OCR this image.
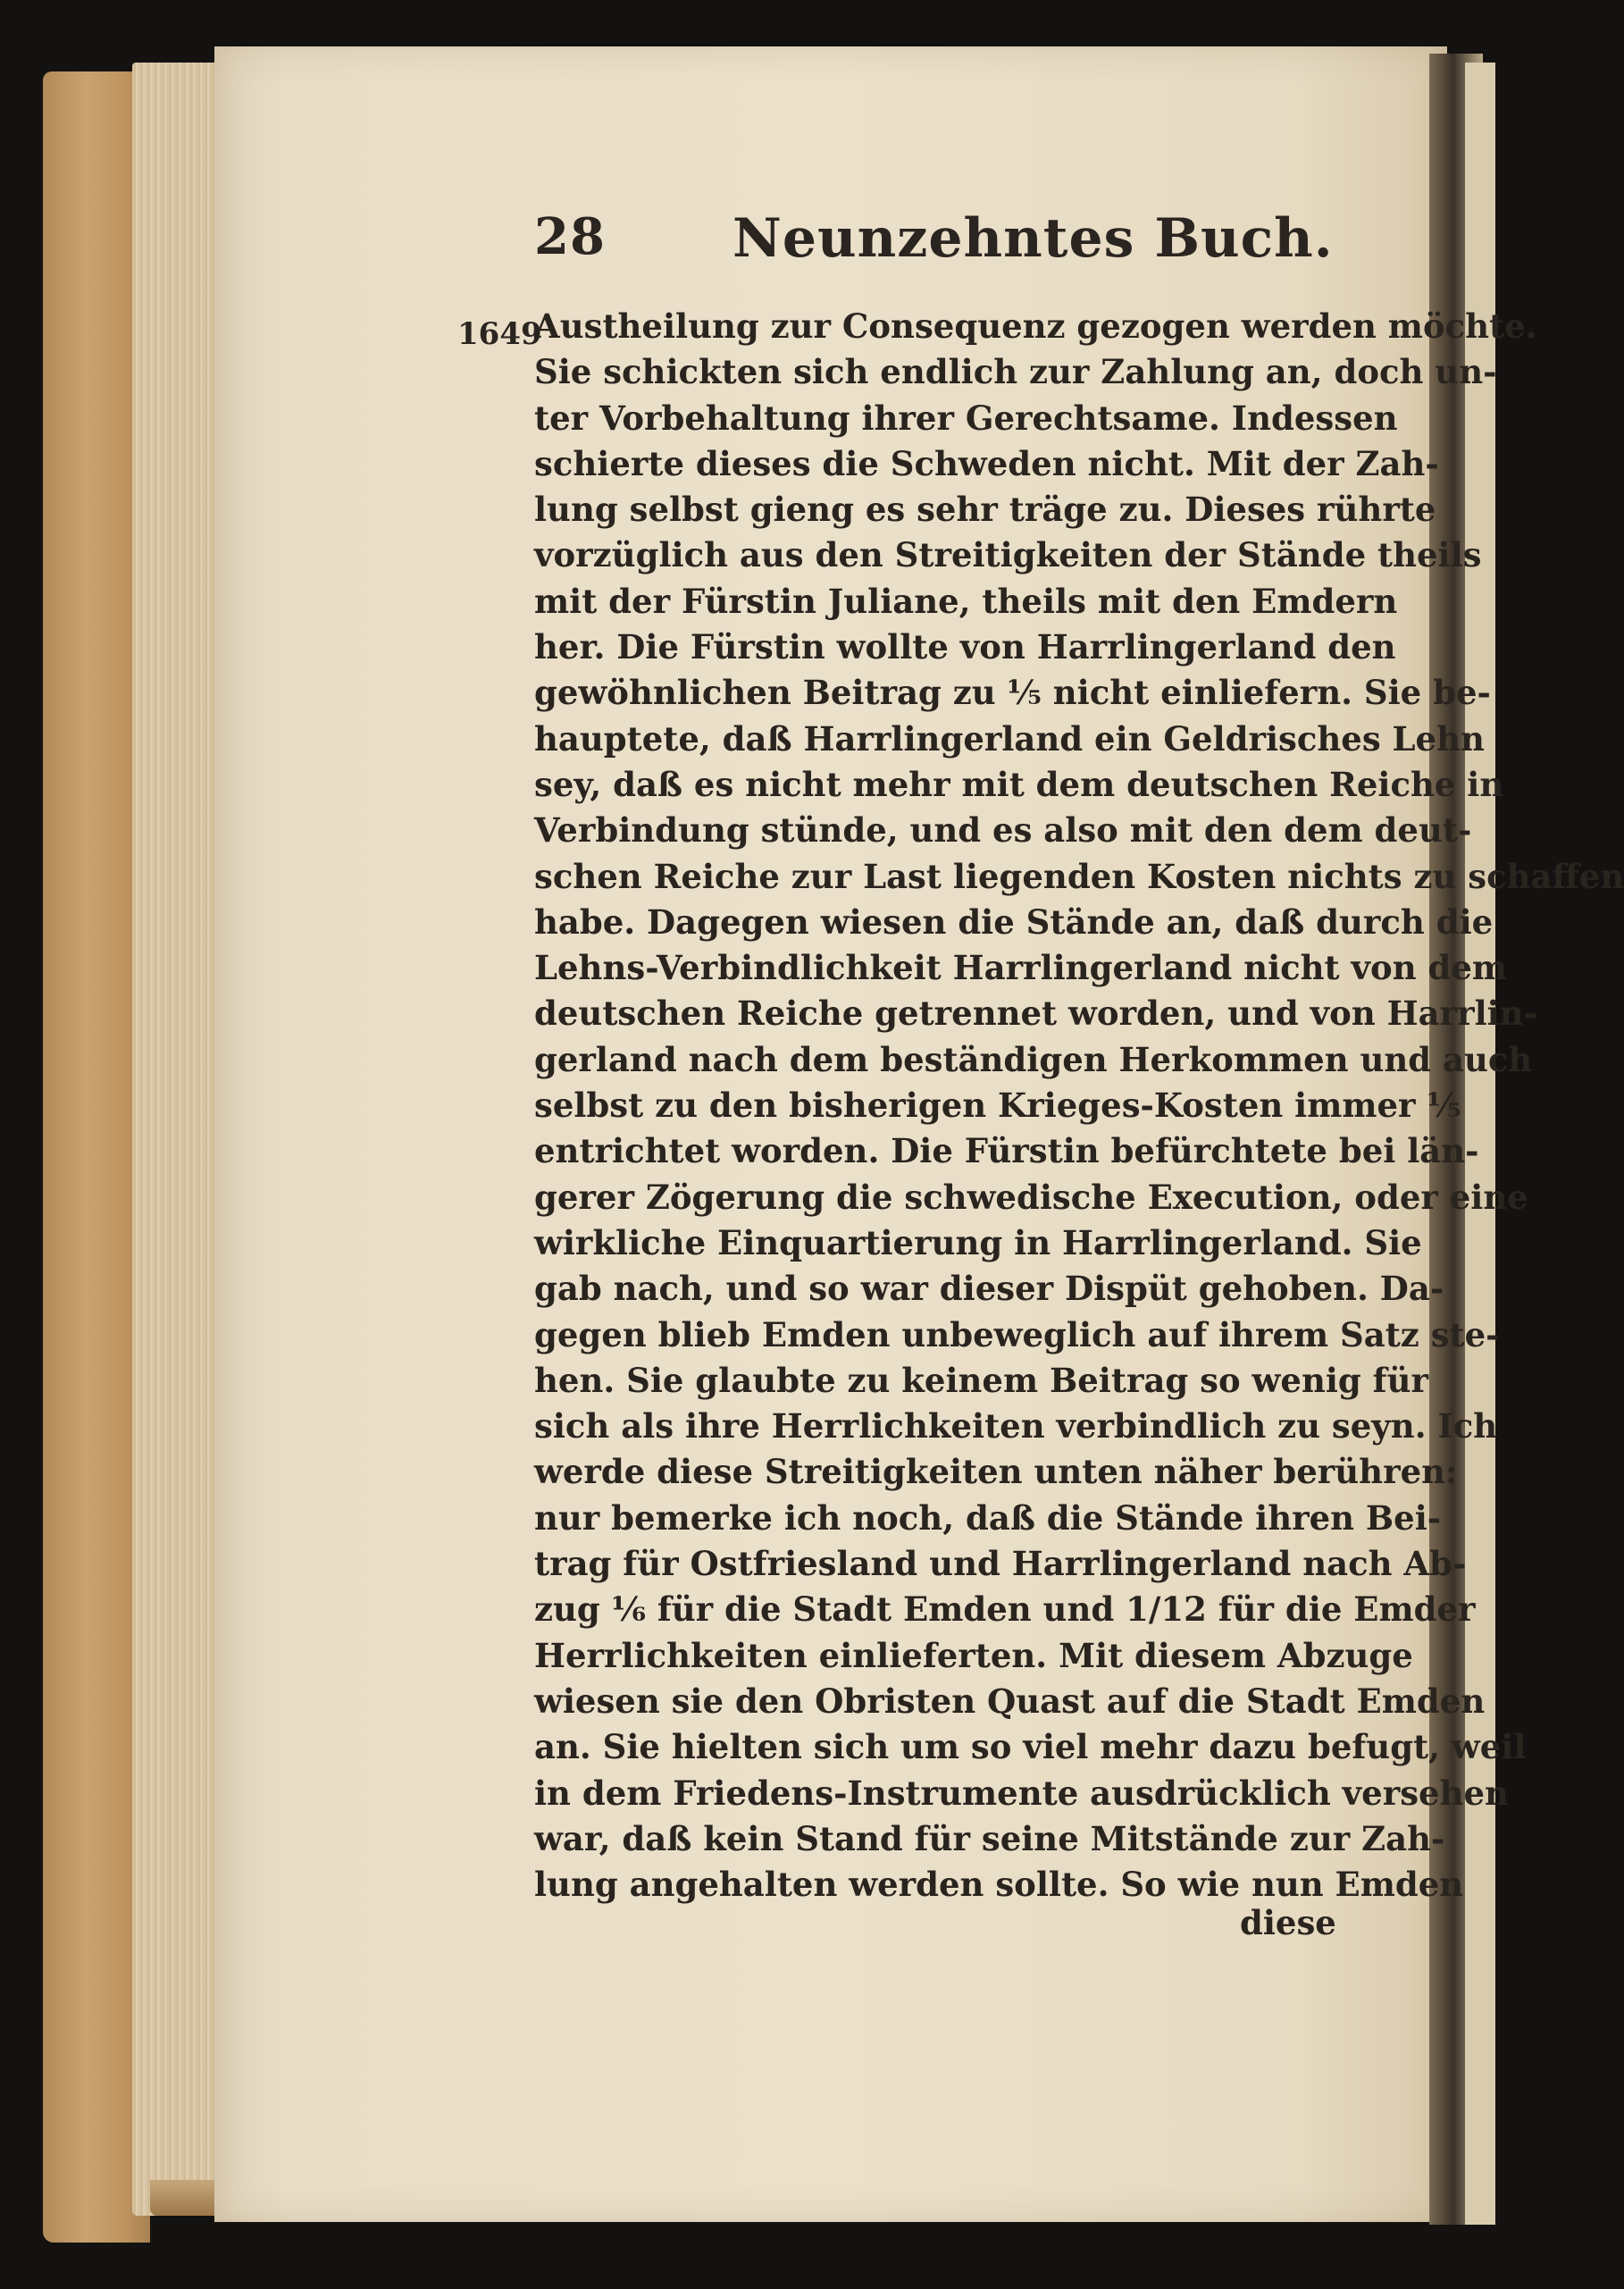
28 Neunzehntes Buch.
1649
Austheilung zur Consequenz gezogen werden möchte.
Sie schickten sich endlich zur Zahlung an, doch un-
ter Vorbehaltung ihrer Gerechtsame. Indessen
schierte dieses die Schweden nicht. Mit der Zah-
lung selbst gieng es sehr träge zu. Dieses rührte
vorzüglich aus den Streitigkeiten der Stände theils
mit der Fürstin Juliane, theils mit den Emdern
her. Die Fürstin wollte von Harrlingerland den
gewöhnlichen Beitrag zu ⅕ nicht einliefern. Sie be-
hauptete, daß Harrlingerland ein Geldrisches Lehn
sey, daß es nicht mehr mit dem deutschen Reiche in
Verbindung stünde, und es also mit den dem deut-
schen Reiche zur Last liegenden Kosten nichts zu schaffen
habe. Dagegen wiesen die Stände an, daß durch die
Lehns-Verbindlichkeit Harrlingerland nicht von dem
deutschen Reiche getrennet worden, und von Harrlin-
gerland nach dem beständigen Herkommen und auch
selbst zu den bisherigen Krieges-Kosten immer ⅕
entrichtet worden. Die Fürstin befürchtete bei län-
gerer Zögerung die schwedische Execution, oder eine
wirkliche Einquartierung in Harrlingerland. Sie
gab nach, und so war dieser Dispüt gehoben. Da-
gegen blieb Emden unbeweglich auf ihrem Satz ste-
hen. Sie glaubte zu keinem Beitrag so wenig für
sich als ihre Herrlichkeiten verbindlich zu seyn. Ich
werde diese Streitigkeiten unten näher berühren:
nur bemerke ich noch, daß die Stände ihren Bei-
trag für Ostfriesland und Harrlingerland nach Ab-
zug ⅙ für die Stadt Emden und 1/12 für die Emder
Herrlichkeiten einlieferten. Mit diesem Abzuge
wiesen sie den Obristen Quast auf die Stadt Emden
an. Sie hielten sich um so viel mehr dazu befugt, weil
in dem Friedens-Instrumente ausdrücklich versehen
war, daß kein Stand für seine Mitstände zur Zah-
lung angehalten werden sollte. So wie nun Emden
diese
